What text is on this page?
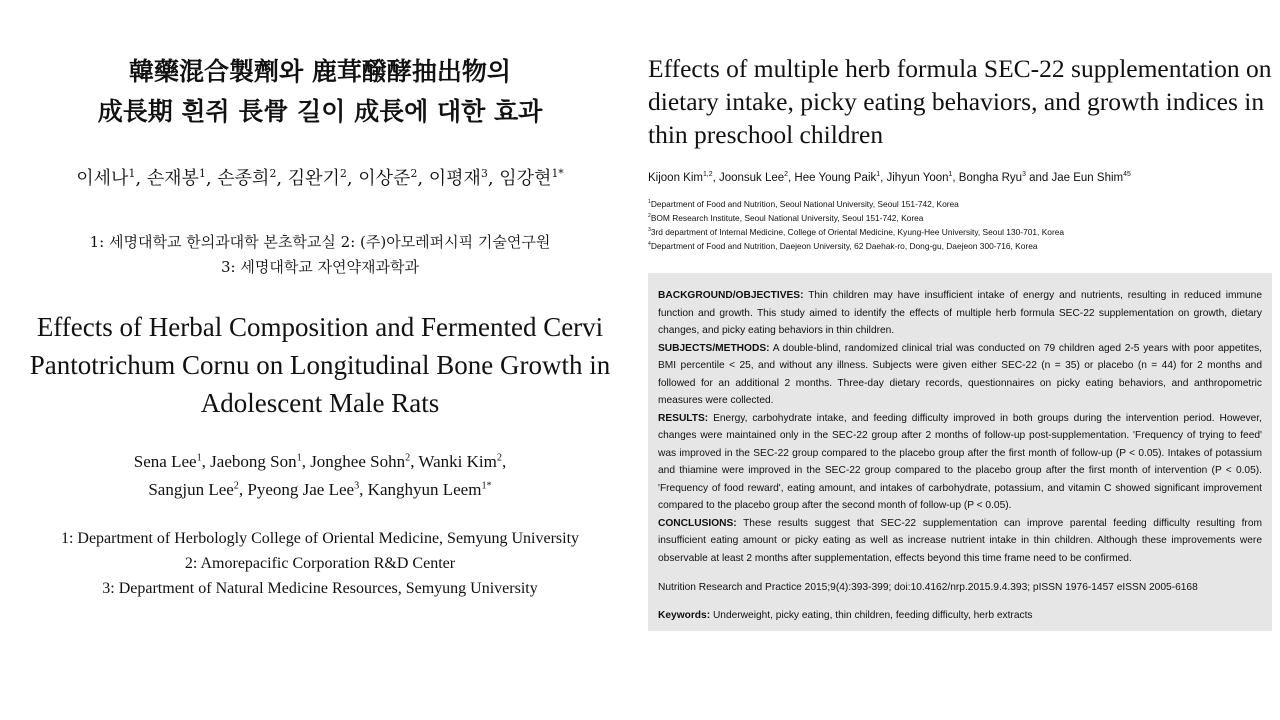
韓藥混合製劑와 鹿茸醱酵抽出物의
成長期 흰쥐 長骨 길이 成長에 대한 효과
이세나$^1$, 손재봉$^1$, 손종희$^2$, 김완기$^2$, 이상준$^2$, 이평재$^3$, 임강현$^{1*}$
1: 세명대학교 한의과대학 본초학교실 2: (주)아모레퍼시픽 기술연구원
3: 세명대학교 자연약재과학과
Effects of Herbal Composition and Fermented Cervi Pantotrichum Cornu on Longitudinal Bone Growth in Adolescent Male Rats
Sena Lee$^1$, Jaebong Son$^1$, Jonghee Sohn$^2$, Wanki Kim$^2$,
Sangjun Lee$^2$, Pyeong Jae Lee$^3$, Kanghyun Leem$^{1*}$
1: Department of Herbologly College of Oriental Medicine, Semyung University
2: Amorepacific Corporation R&D Center
3: Department of Natural Medicine Resources, Semyung University
Effects of multiple herb formula SEC-22 supplementation on dietary intake, picky eating behaviors, and growth indices in thin preschool children
Kijoon Kim$^{1,2}$, Joonsuk Lee$^2$, Hee Young Paik$^1$, Jihyun Yoon$^1$, Bongha Ryu$^3$ and Jae Eun Shim$^{45}$
$^1$Department of Food and Nutrition, Seoul National University, Seoul 151-742, Korea
$^2$BOM Research Institute, Seoul National University, Seoul 151-742, Korea
$^3$3rd department of Internal Medicine, College of Oriental Medicine, Kyung-Hee University, Seoul 130-701, Korea
$^4$Department of Food and Nutrition, Daejeon University, 62 Daehak-ro, Dong-gu, Daejeon 300-716, Korea

BACKGROUND/OBJECTIVES: Thin children may have insufficient intake of energy and nutrients, resulting in reduced immune function and growth. This study aimed to identify the effects of multiple herb formula SEC-22 supplementation on growth, dietary changes, and picky eating behaviors in thin children.

SUBJECTS/METHODS: A double-blind, randomized clinical trial was conducted on 79 children aged 2-5 years with poor appetites, BMI percentile < 25, and without any illness. Subjects were given either SEC-22 (n = 35) or placebo (n = 44) for 2 months and followed for an additional 2 months. Three-day dietary records, questionnaires on picky eating behaviors, and anthropometric measures were collected.

RESULTS: Energy, carbohydrate intake, and feeding difficulty improved in both groups during the intervention period. However, changes were maintained only in the SEC-22 group after 2 months of follow-up post-supplementation. 'Frequency of trying to feed' was improved in the SEC-22 group compared to the placebo group after the first month of follow-up (P < 0.05). Intakes of potassium and thiamine were improved in the SEC-22 group compared to the placebo group after the first month of intervention (P < 0.05). 'Frequency of food reward', eating amount, and intakes of carbohydrate, potassium, and vitamin C showed significant improvement compared to the placebo group after the second month of follow-up (P < 0.05).

CONCLUSIONS: These results suggest that SEC-22 supplementation can improve parental feeding difficulty resulting from insufficient eating amount or picky eating as well as increase nutrient intake in thin children. Although these improvements were observable at least 2 months after supplementation, effects beyond this time frame need to be confirmed.

Nutrition Research and Practice 2015;9(4):393-399; doi:10.4162/nrp.2015.9.4.393; pISSN 1976-1457 eISSN 2005-6168

Keywords: Underweight, picky eating, thin children, feeding difficulty, herb extracts
